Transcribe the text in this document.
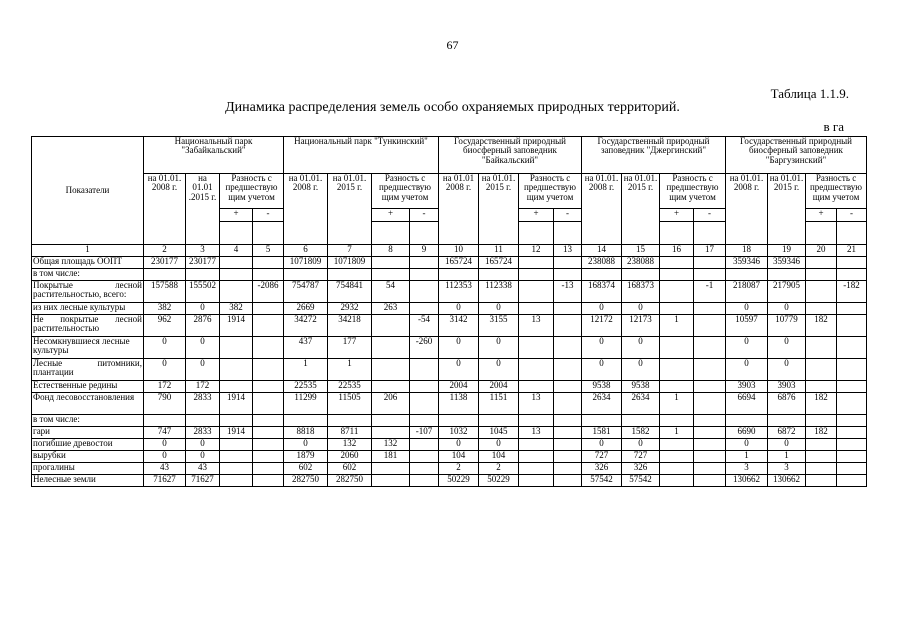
67
Таблица 1.1.9.
Динамика распределения земель особо охраняемых природных территорий.
в га
Показатели	Национальный парк "Забайкальский"				Национальный парк "Тункинский"				Государственный природный биосферный заповедник "Байкальский"				Государственный природный заповедник "Джергинский"				Государственный природный биосферный заповедник "Баргузинский"			
	на 01.01. 2008 г.	на 01.01 .2015 г.	Разность с предшествую щим учетом		на 01.01. 2008 г.	на 01.01. 2015 г.	Разность с предшествую щим учетом		на 01.01 2008 г.	на 01.01. 2015 г.	Разность с предшествую щим учетом		на 01.01. 2008 г.	на 01.01. 2015 г.	Разность с предшествую щим учетом		на 01.01. 2008 г.	на 01.01. 2015 г.	Разность с предшествую щим учетом	
			+	-			+	-			+	-			+	-			+	-

1	2	3	4	5	6	7	8	9	10	11	12	13	14	15	16	17	18	19	20	21
Общая площадь ООПТ	230177	230177			1071809	1071809			165724	165724			238088	238088			359346	359346		
в том числе:																				
Покрытые лесной растительностью, всего:	157588	155502		-2086	754787	754841	54		112353	112338		-13	168374	168373		-1	218087	217905		-182
из них лесные культуры	382	0	382		2669	2932	263		0	0			0	0			0	0		
Не покрытые лесной растительностью	962	2876	1914		34272	34218		-54	3142	3155	13		12172	12173	1		10597	10779	182	
Несомкнувшиеся лесные культуры	0	0			437	177		-260	0	0			0	0			0	0		
Лесные питомники, плантации	0	0			1	1			0	0			0	0			0	0		
Естественные редины	172	172			22535	22535			2004	2004			9538	9538			3903	3903		
Фонд лесовосстановления	790	2833	1914		11299	11505	206		1138	1151	13		2634	2634	1		6694	6876	182	
в том числе:																				
гари	747	2833	1914		8818	8711		-107	1032	1045	13		1581	1582	1		6690	6872	182	
погибшие древостои	0	0			0	132	132		0	0			0	0			0	0		
вырубки	0	0			1879	2060	181		104	104			727	727			1	1		
прогалины	43	43			602	602			2	2			326	326			3	3		
Нелесные земли	71627	71627			282750	282750			50229	50229			57542	57542			130662	130662		
